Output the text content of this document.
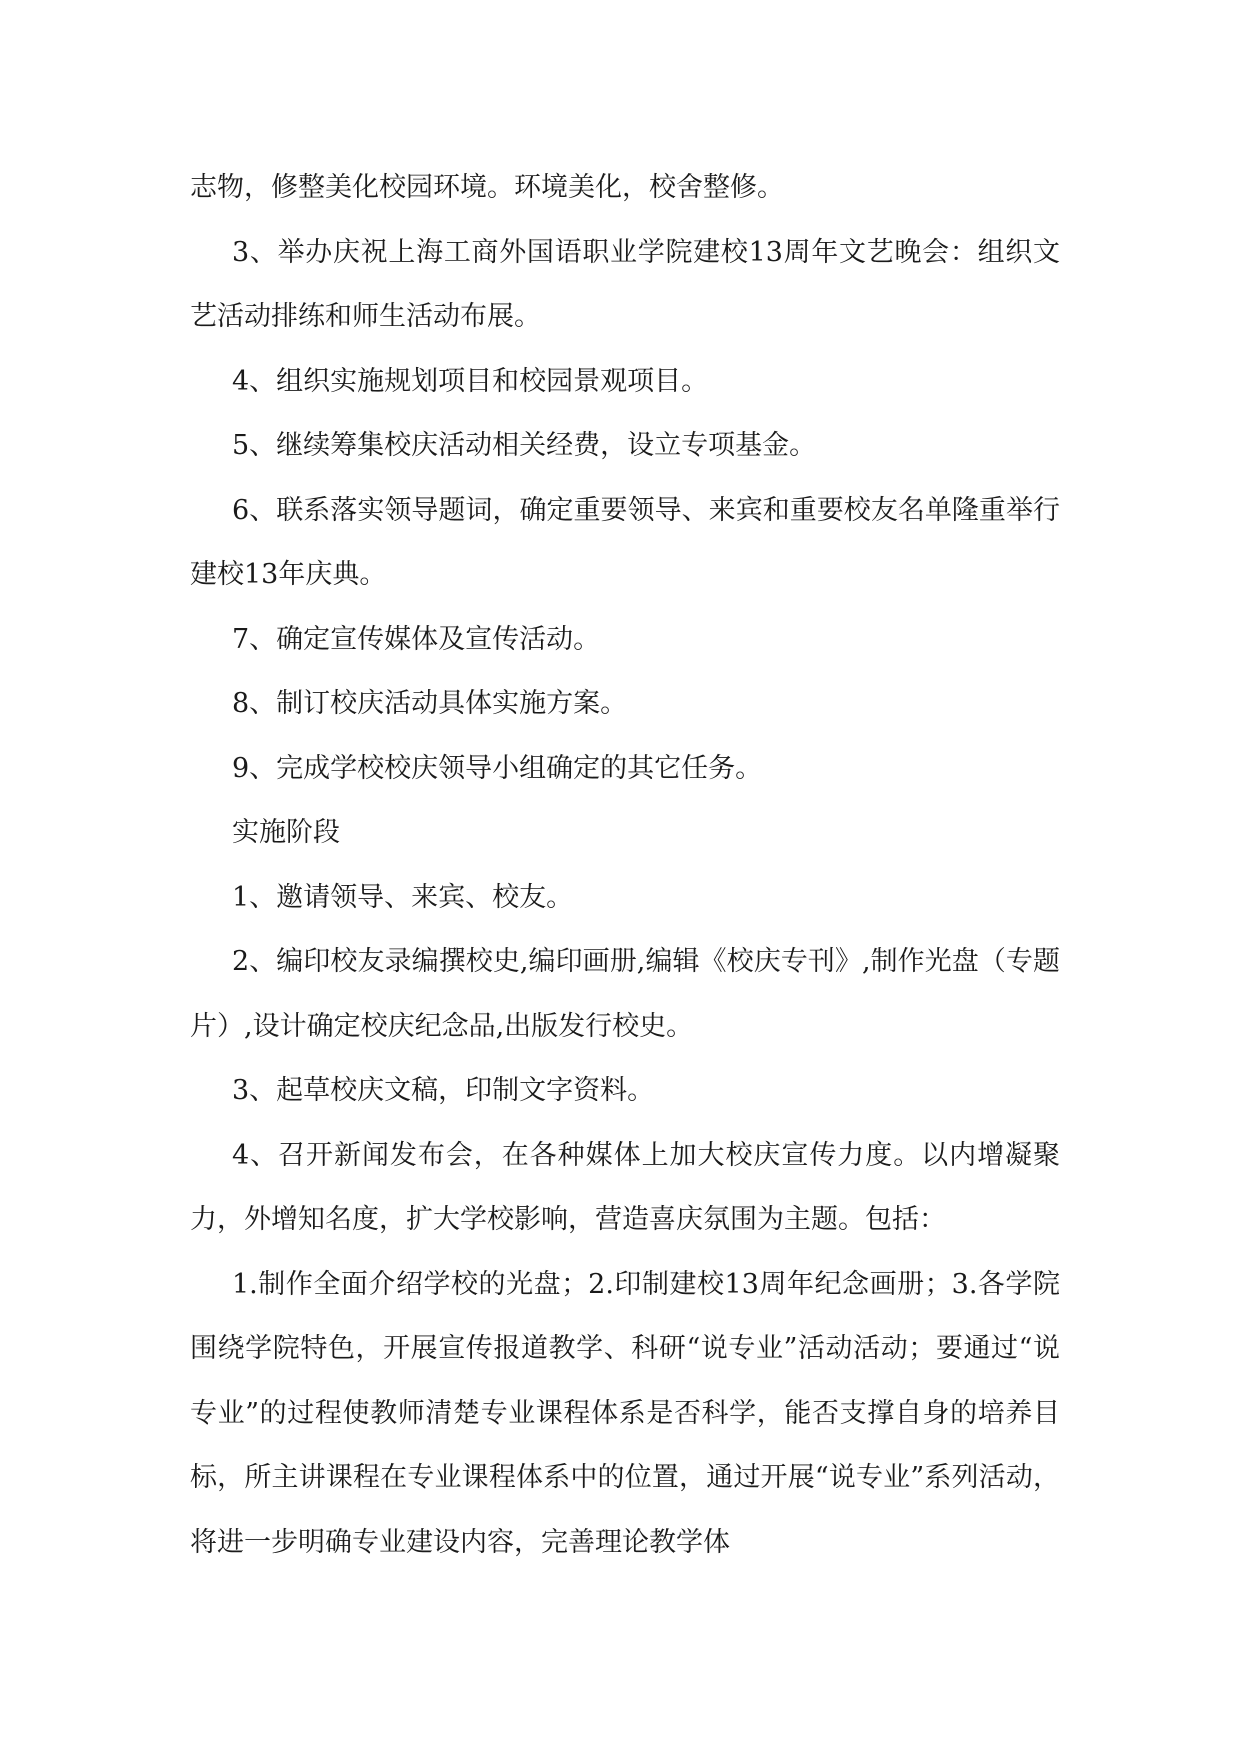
志物，修整美化校园环境。环境美化，校舍整修。

3、举办庆祝上海工商外国语职业学院建校13周年文艺晚会：组织文艺活动排练和师生活动布展。

4、组织实施规划项目和校园景观项目。

5、继续筹集校庆活动相关经费，设立专项基金。

6、联系落实领导题词，确定重要领导、来宾和重要校友名单隆重举行建校13年庆典。

7、确定宣传媒体及宣传活动。

8、制订校庆活动具体实施方案。

9、完成学校校庆领导小组确定的其它任务。

实施阶段

1、邀请领导、来宾、校友。

2、编印校友录编撰校史,编印画册,编辑《校庆专刊》,制作光盘（专题片）,设计确定校庆纪念品,出版发行校史。

3、起草校庆文稿，印制文字资料。

4、召开新闻发布会，在各种媒体上加大校庆宣传力度。以内增凝聚力，外增知名度，扩大学校影响，营造喜庆氛围为主题。包括：

1.制作全面介绍学校的光盘；2.印制建校13周年纪念画册；3.各学院围绕学院特色，开展宣传报道教学、科研“说专业”活动活动；要通过“说专业”的过程使教师清楚专业课程体系是否科学，能否支撑自身的培养目标，所主讲课程在专业课程体系中的位置，通过开展“说专业”系列活动，将进一步明确专业建设内容，完善理论教学体
